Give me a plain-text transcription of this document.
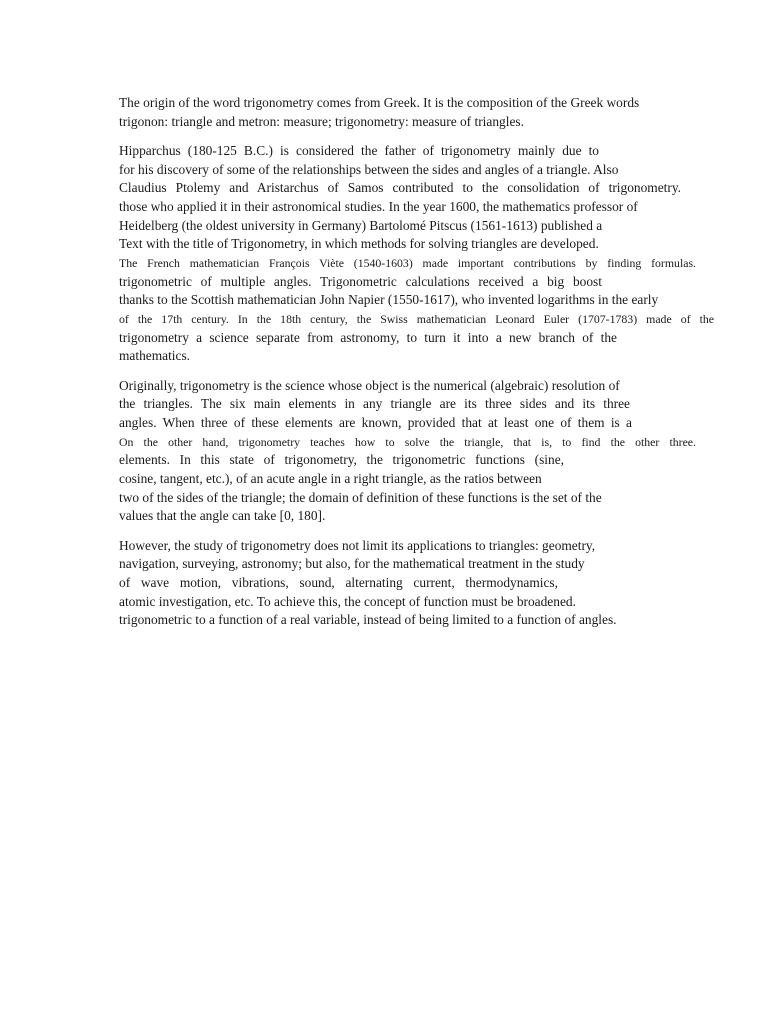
The origin of the word trigonometry comes from Greek. It is the composition of the Greek words
trigonon: triangle and metron: measure; trigonometry: measure of triangles.
Hipparchus (180-125 B.C.) is considered the father of trigonometry mainly due to
for his discovery of some of the relationships between the sides and angles of a triangle. Also
Claudius Ptolemy and Aristarchus of Samos contributed to the consolidation of trigonometry.
those who applied it in their astronomical studies. In the year 1600, the mathematics professor of
Heidelberg (the oldest university in Germany) Bartolomé Pitscus (1561-1613) published a
Text with the title of Trigonometry, in which methods for solving triangles are developed.
The French mathematician François Viète (1540-1603) made important contributions by finding formulas.
trigonometric of multiple angles. Trigonometric calculations received a big boost
thanks to the Scottish mathematician John Napier (1550-1617), who invented logarithms in the early
of the 17th century. In the 18th century, the Swiss mathematician Leonard Euler (1707-1783) made of the
trigonometry a science separate from astronomy, to turn it into a new branch of the
mathematics.
Originally, trigonometry is the science whose object is the numerical (algebraic) resolution of
the triangles. The six main elements in any triangle are its three sides and its three
angles. When three of these elements are known, provided that at least one of them is a
On the other hand, trigonometry teaches how to solve the triangle, that is, to find the other three.
elements. In this state of trigonometry, the trigonometric functions (sine,
cosine, tangent, etc.), of an acute angle in a right triangle, as the ratios between
two of the sides of the triangle; the domain of definition of these functions is the set of the
values that the angle can take [0, 180].
However, the study of trigonometry does not limit its applications to triangles: geometry,
navigation, surveying, astronomy; but also, for the mathematical treatment in the study
of wave motion, vibrations, sound, alternating current, thermodynamics,
atomic investigation, etc. To achieve this, the concept of function must be broadened.
trigonometric to a function of a real variable, instead of being limited to a function of angles.
